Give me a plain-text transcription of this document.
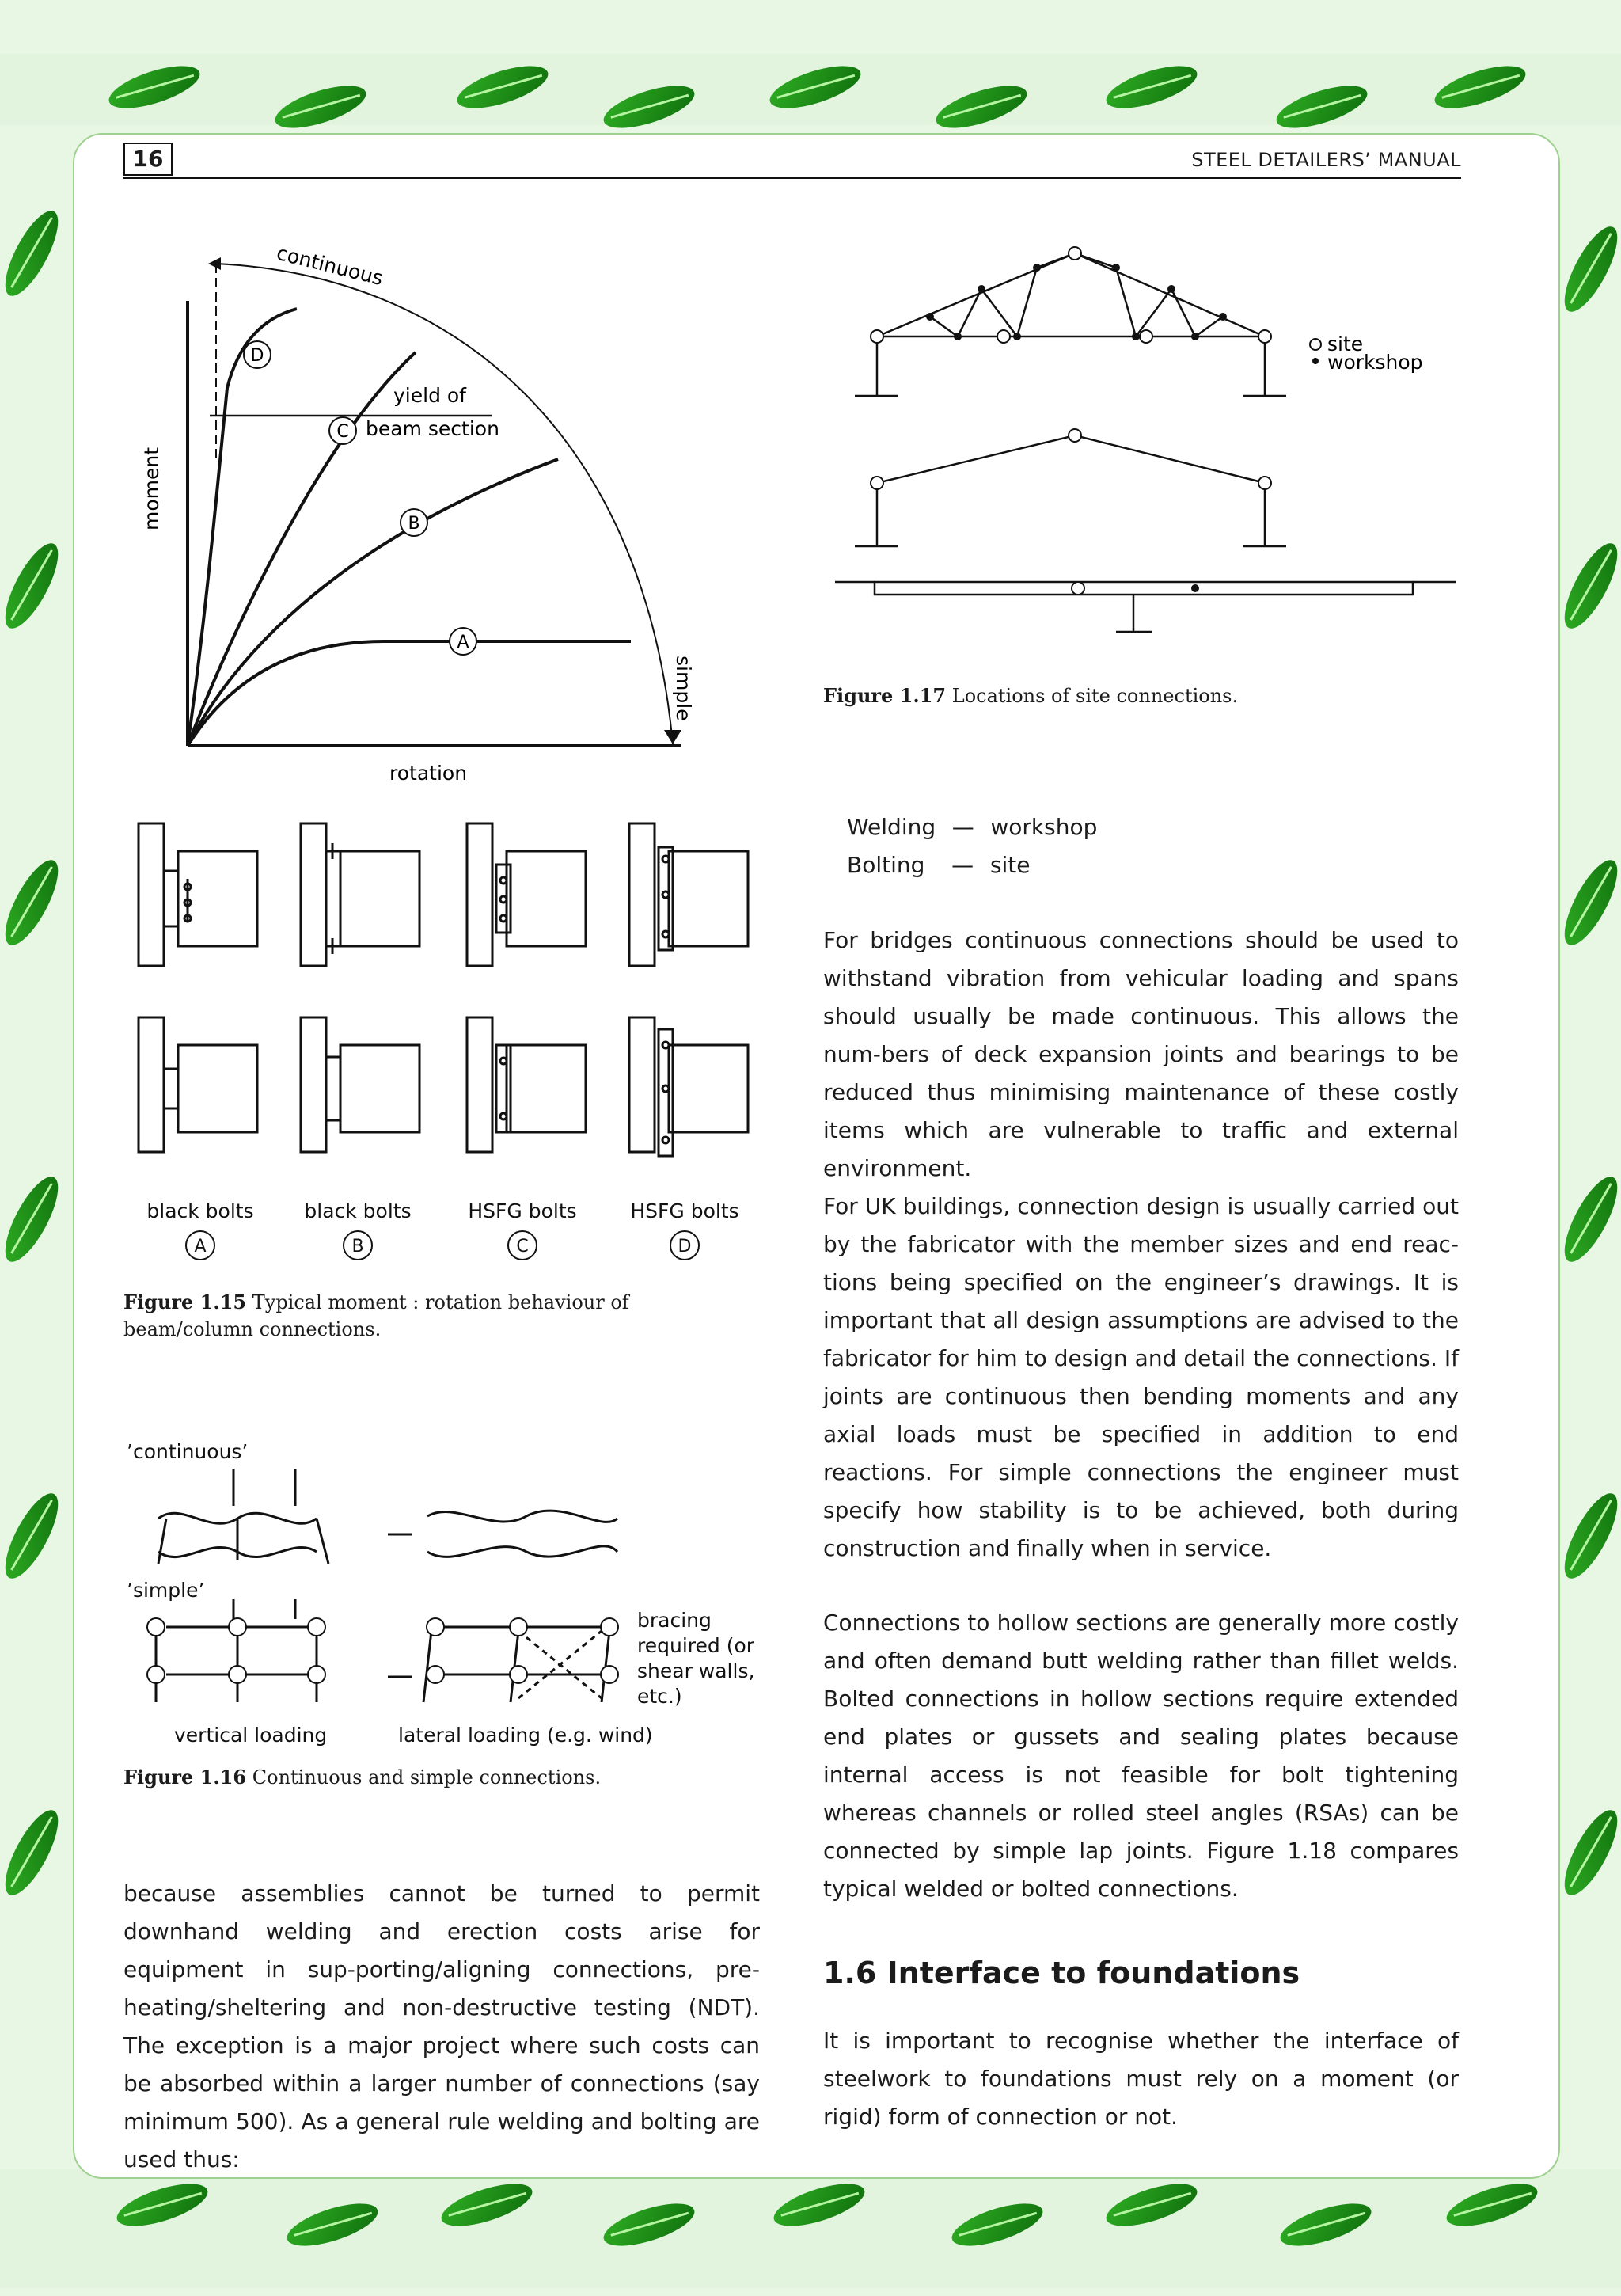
16	STEEL DETAILERS’ MANUAL
continuous
yield of
beam section
moment
rotation
simple
D
C
B
A
black bolts	black bolts	HSFG bolts	HSFG bolts
A	B	C	D
Figure 1.15 Typical moment : rotation behaviour of beam/column connections.
’continuous’
’simple’
bracing
required (or
shear walls,
etc.)
vertical loading	lateral loading (e.g. wind)
Figure 1.16 Continuous and simple connections.

because assemblies cannot be turned to permit downhand welding and erection costs arise for equipment in sup-porting/aligning connections, pre-heating/sheltering and non-destructive testing (NDT). The exception is a major project where such costs can be absorbed within a larger number of connections (say minimum 500). As a general rule welding and bolting are used thus:

site
workshop
Figure 1.17 Locations of site connections.
Welding — workshop
Bolting	— site

For bridges continuous connections should be used to withstand vibration from vehicular loading and spans should usually be made continuous. This allows the num-bers of deck expansion joints and bearings to be reduced thus minimising maintenance of these costly items which are vulnerable to traffic and external environment.

For UK buildings, connection design is usually carried out by the fabricator with the member sizes and end reac-tions being specified on the engineer’s drawings. It is important that all design assumptions are advised to the fabricator for him to design and detail the connections. If joints are continuous then bending moments and any axial loads must be specified in addition to end reactions. For simple connections the engineer must specify how stability is to be achieved, both during construction and finally when in service.

Connections to hollow sections are generally more costly and often demand butt welding rather than fillet welds. Bolted connections in hollow sections require extended end plates or gussets and sealing plates because internal access is not feasible for bolt tightening whereas channels or rolled steel angles (RSAs) can be connected by simple lap joints. Figure 1.18 compares typical welded or bolted connections.

1.6 Interface to foundations

It is important to recognise whether the interface of steelwork to foundations must rely on a moment (or rigid) form of connection or not.
